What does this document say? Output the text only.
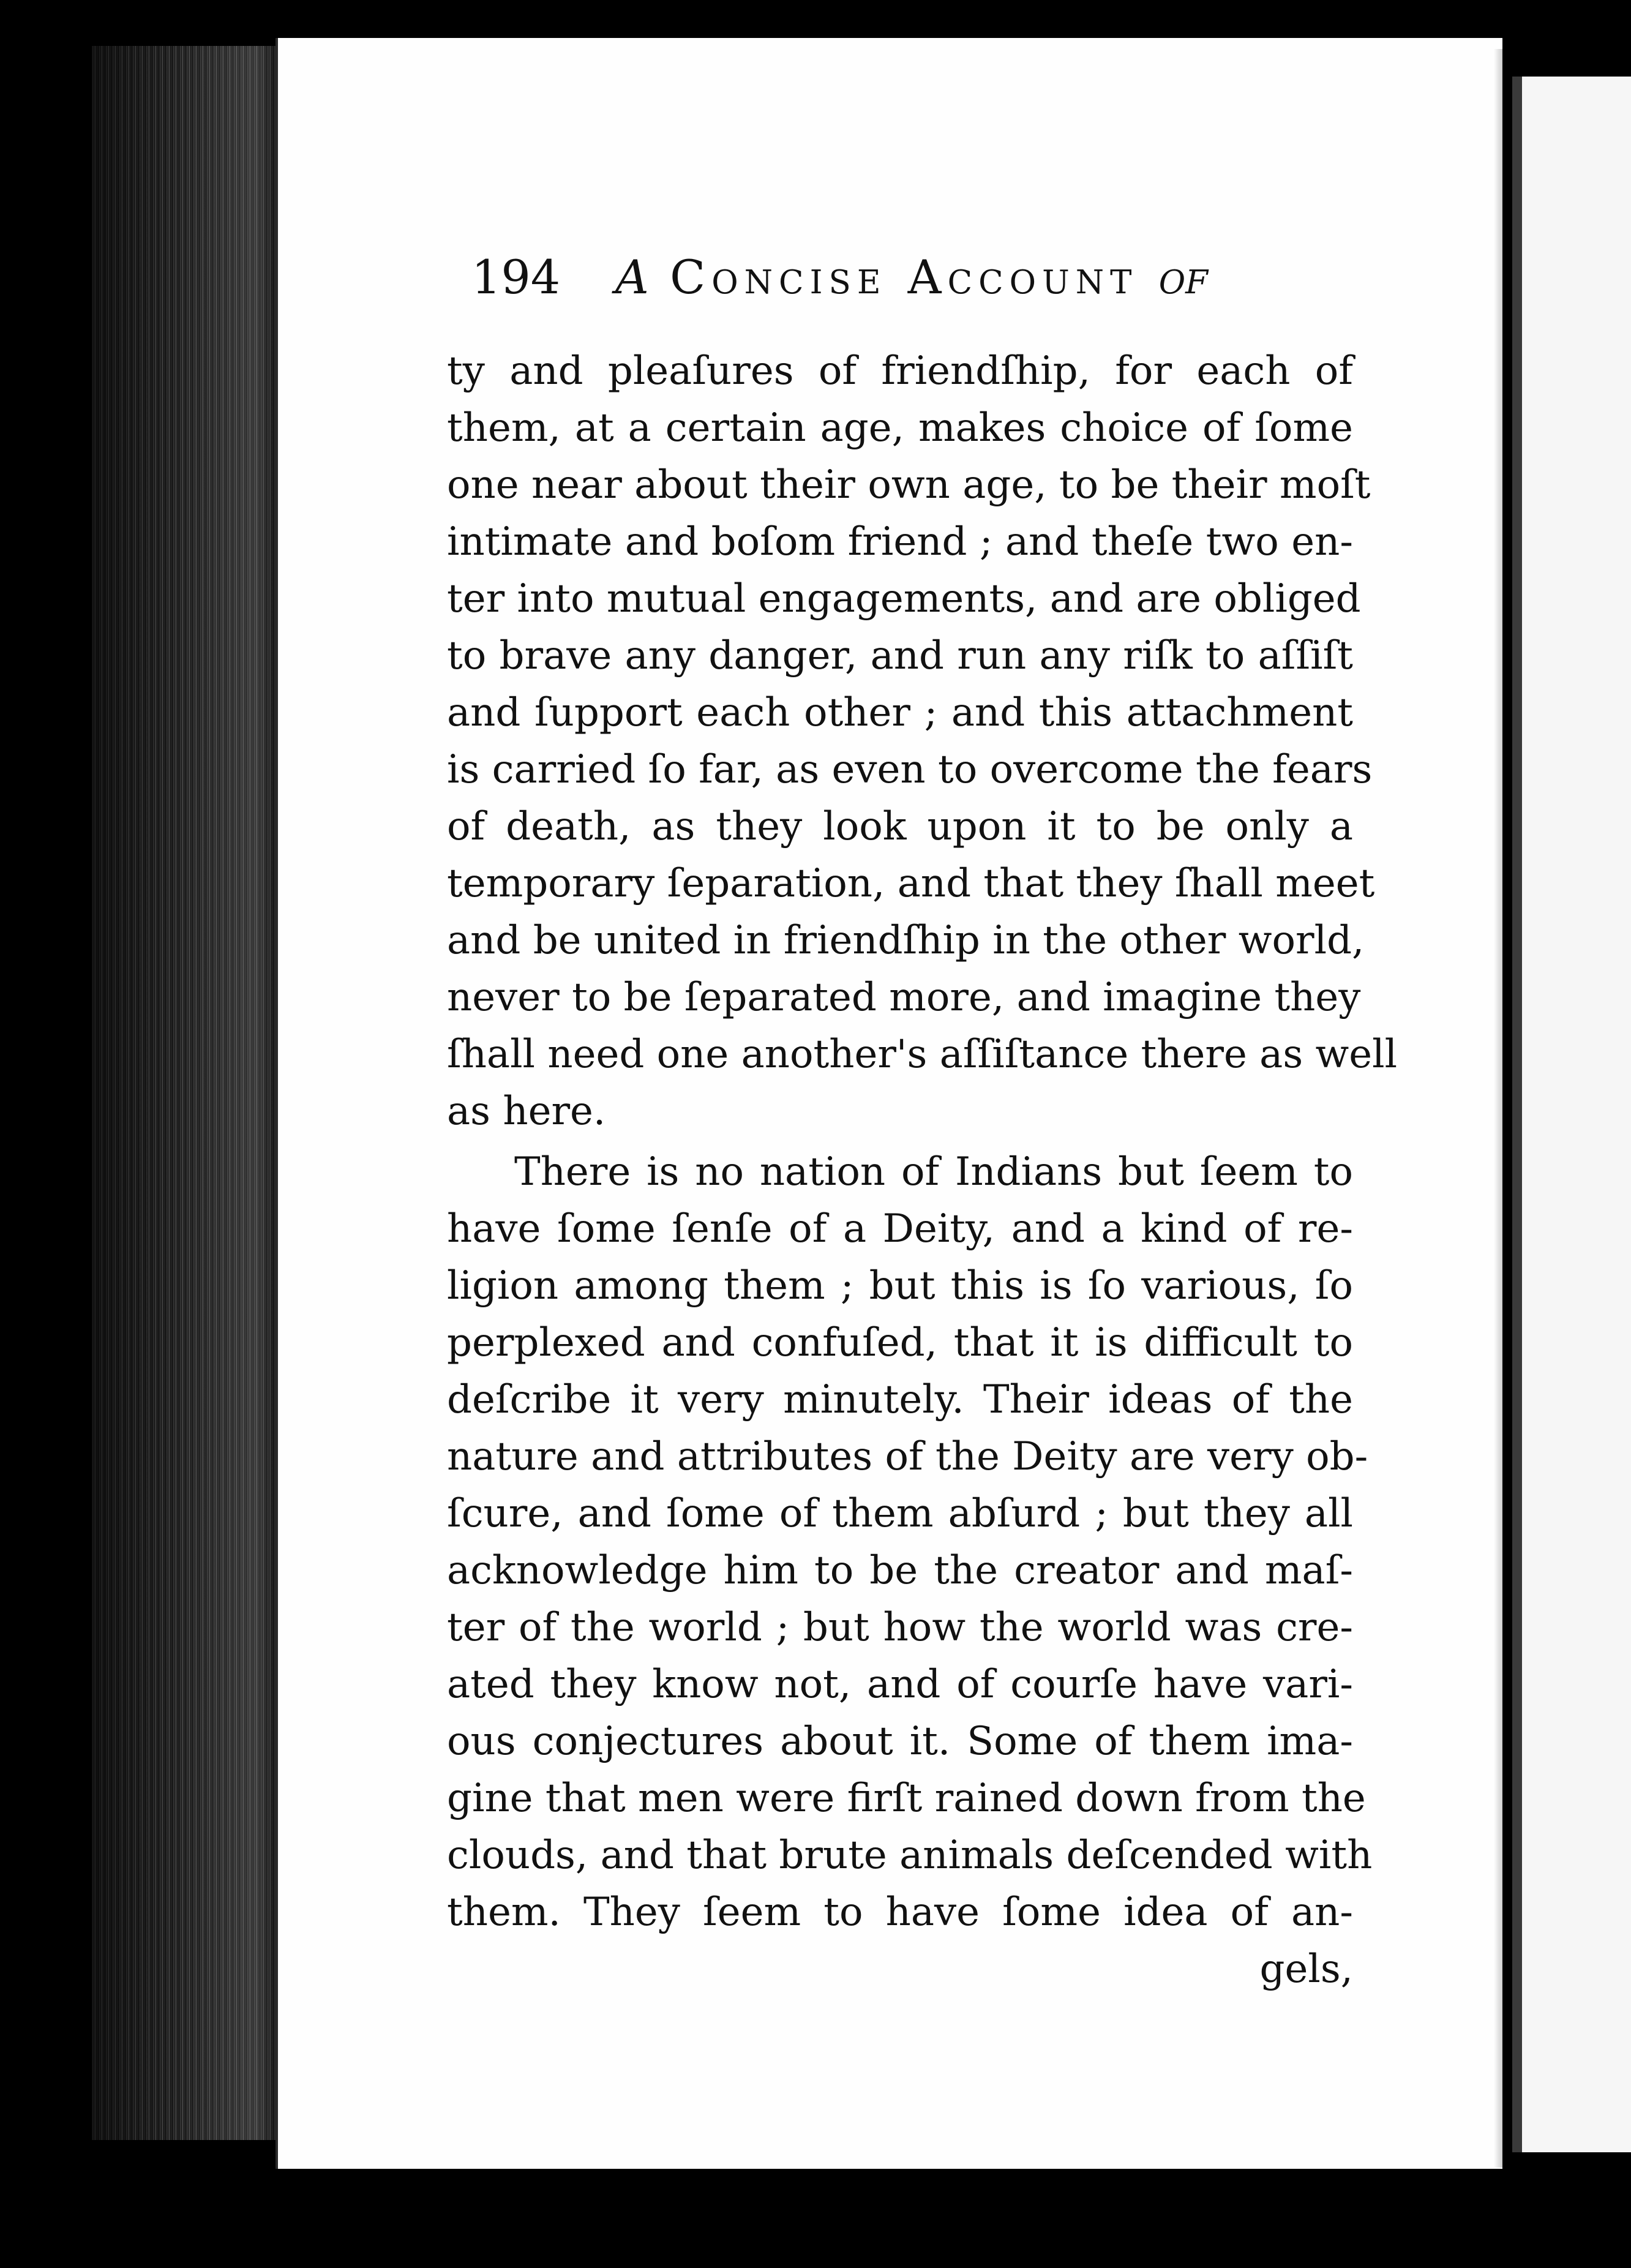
194 A Concise Account of
ty and pleaſures of friendſhip, for each of
them, at a certain age, makes choice of ſome
one near about their own age, to be their moſt
intimate and boſom friend ; and theſe two en-
ter into mutual engagements, and are obliged
to brave any danger, and run any riſk to aſſiſt
and ſupport each other ; and this attachment
is carried ſo far, as even to overcome the fears
of death, as they look upon it to be only a
temporary ſeparation, and that they ſhall meet
and be united in friendſhip in the other world,
never to be ſeparated more, and imagine they
ſhall need one another's aſſiſtance there as well
as here.
There is no nation of Indians but ſeem to
have ſome ſenſe of a Deity, and a kind of re-
ligion among them ; but this is ſo various, ſo
perplexed and confuſed, that it is difficult to
deſcribe it very minutely. Their ideas of the
nature and attributes of the Deity are very ob-
ſcure, and ſome of them abſurd ; but they all
acknowledge him to be the creator and maſ-
ter of the world ; but how the world was cre-
ated they know not, and of courſe have vari-
ous conjectures about it. Some of them ima-
gine that men were firſt rained down from the
clouds, and that brute animals deſcended with
them. They ſeem to have ſome idea of an-
gels,
